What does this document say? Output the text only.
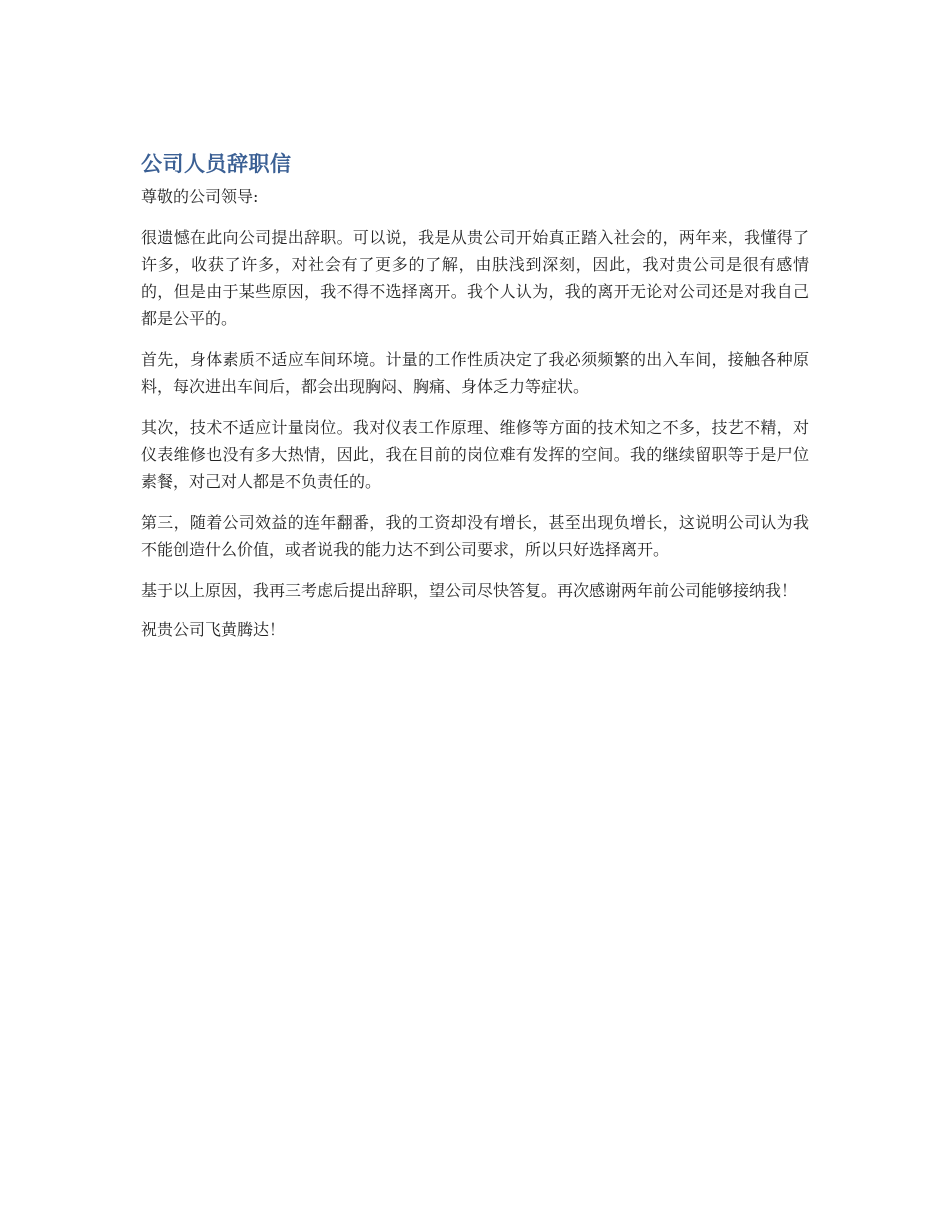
公司人员辞职信

尊敬的公司领导:

很遗憾在此向公司提出辞职。可以说，我是从贵公司开始真正踏入社会的，两年来，我懂得了许多，收获了许多，对社会有了更多的了解，由肤浅到深刻，因此，我对贵公司是很有感情的，但是由于某些原因，我不得不选择离开。我个人认为，我的离开无论对公司还是对我自己都是公平的。

首先，身体素质不适应车间环境。计量的工作性质决定了我必须频繁的出入车间，接触各种原料，每次进出车间后，都会出现胸闷、胸痛、身体乏力等症状。

其次，技术不适应计量岗位。我对仪表工作原理、维修等方面的技术知之不多，技艺不精，对仪表维修也没有多大热情，因此，我在目前的岗位难有发挥的空间。我的继续留职等于是尸位素餐，对己对人都是不负责任的。

第三，随着公司效益的连年翻番，我的工资却没有增长，甚至出现负增长，这说明公司认为我不能创造什么价值，或者说我的能力达不到公司要求，所以只好选择离开。

基于以上原因，我再三考虑后提出辞职，望公司尽快答复。再次感谢两年前公司能够接纳我！

祝贵公司飞黄腾达！
